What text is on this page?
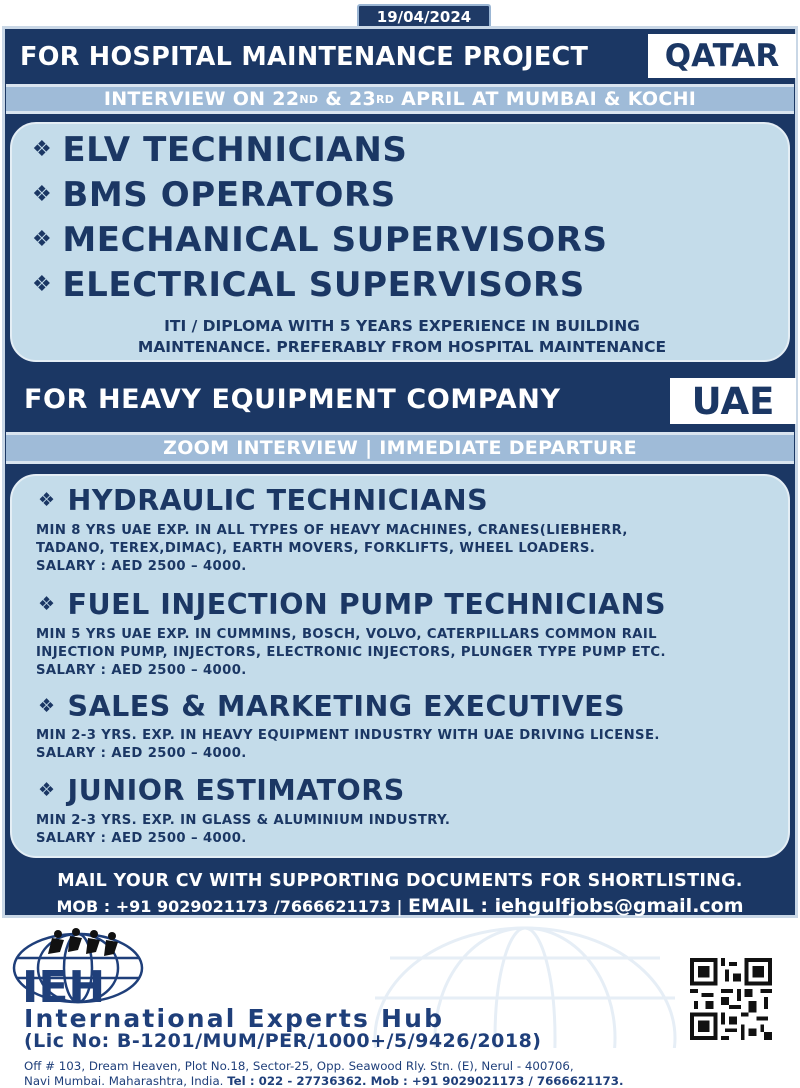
19/04/2024
FOR HOSPITAL MAINTENANCE PROJECT	QATAR
INTERVIEW ON 22 ND & 23 RD APRIL AT MUMBAI & KOCHI
❖ ELV TECHNICIANS
❖ BMS OPERATORS
❖ MECHANICAL SUPERVISORS
❖ ELECTRICAL SUPERVISORS
ITI / DIPLOMA WITH 5 YEARS EXPERIENCE IN BUILDING
MAINTENANCE. PREFERABLY FROM HOSPITAL MAINTENANCE
FOR HEAVY EQUIPMENT COMPANY	UAE
ZOOM INTERVIEW | IMMEDIATE DEPARTURE
❖ HYDRAULIC TECHNICIANS
MIN 8 YRS UAE EXP. IN ALL TYPES OF HEAVY MACHINES, CRANES(LIEBHERR,
TADANO, TEREX,DIMAC), EARTH MOVERS, FORKLIFTS, WHEEL LOADERS.
SALARY : AED 2500 – 4000.
❖ FUEL INJECTION PUMP TECHNICIANS
MIN 5 YRS UAE EXP. IN CUMMINS, BOSCH, VOLVO, CATERPILLARS COMMON RAIL
INJECTION PUMP, INJECTORS, ELECTRONIC INJECTORS, PLUNGER TYPE PUMP ETC.
SALARY : AED 2500 – 4000.
❖ SALES & MARKETING EXECUTIVES
MIN 2-3 YRS. EXP. IN HEAVY EQUIPMENT INDUSTRY WITH UAE DRIVING LICENSE.
SALARY : AED 2500 – 4000.
❖ JUNIOR ESTIMATORS
MIN 2-3 YRS. EXP. IN GLASS & ALUMINIUM INDUSTRY.
SALARY : AED 2500 – 4000.
MAIL YOUR CV WITH SUPPORTING DOCUMENTS FOR SHORTLISTING.
MOB : +91 9029021173 /7666621173 | EMAIL : iehgulfjobs@gmail.com
IEH
International Experts Hub
(Lic No: B-1201/MUM/PER/1000+/5/9426/2018)
Off # 103, Dream Heaven, Plot No.18, Sector-25, Opp. Seawood Rly. Stn. (E), Nerul - 400706,
Navi Mumbai. Maharashtra, India. Tel : 022 - 27736362. Mob : +91 9029021173 / 7666621173.
